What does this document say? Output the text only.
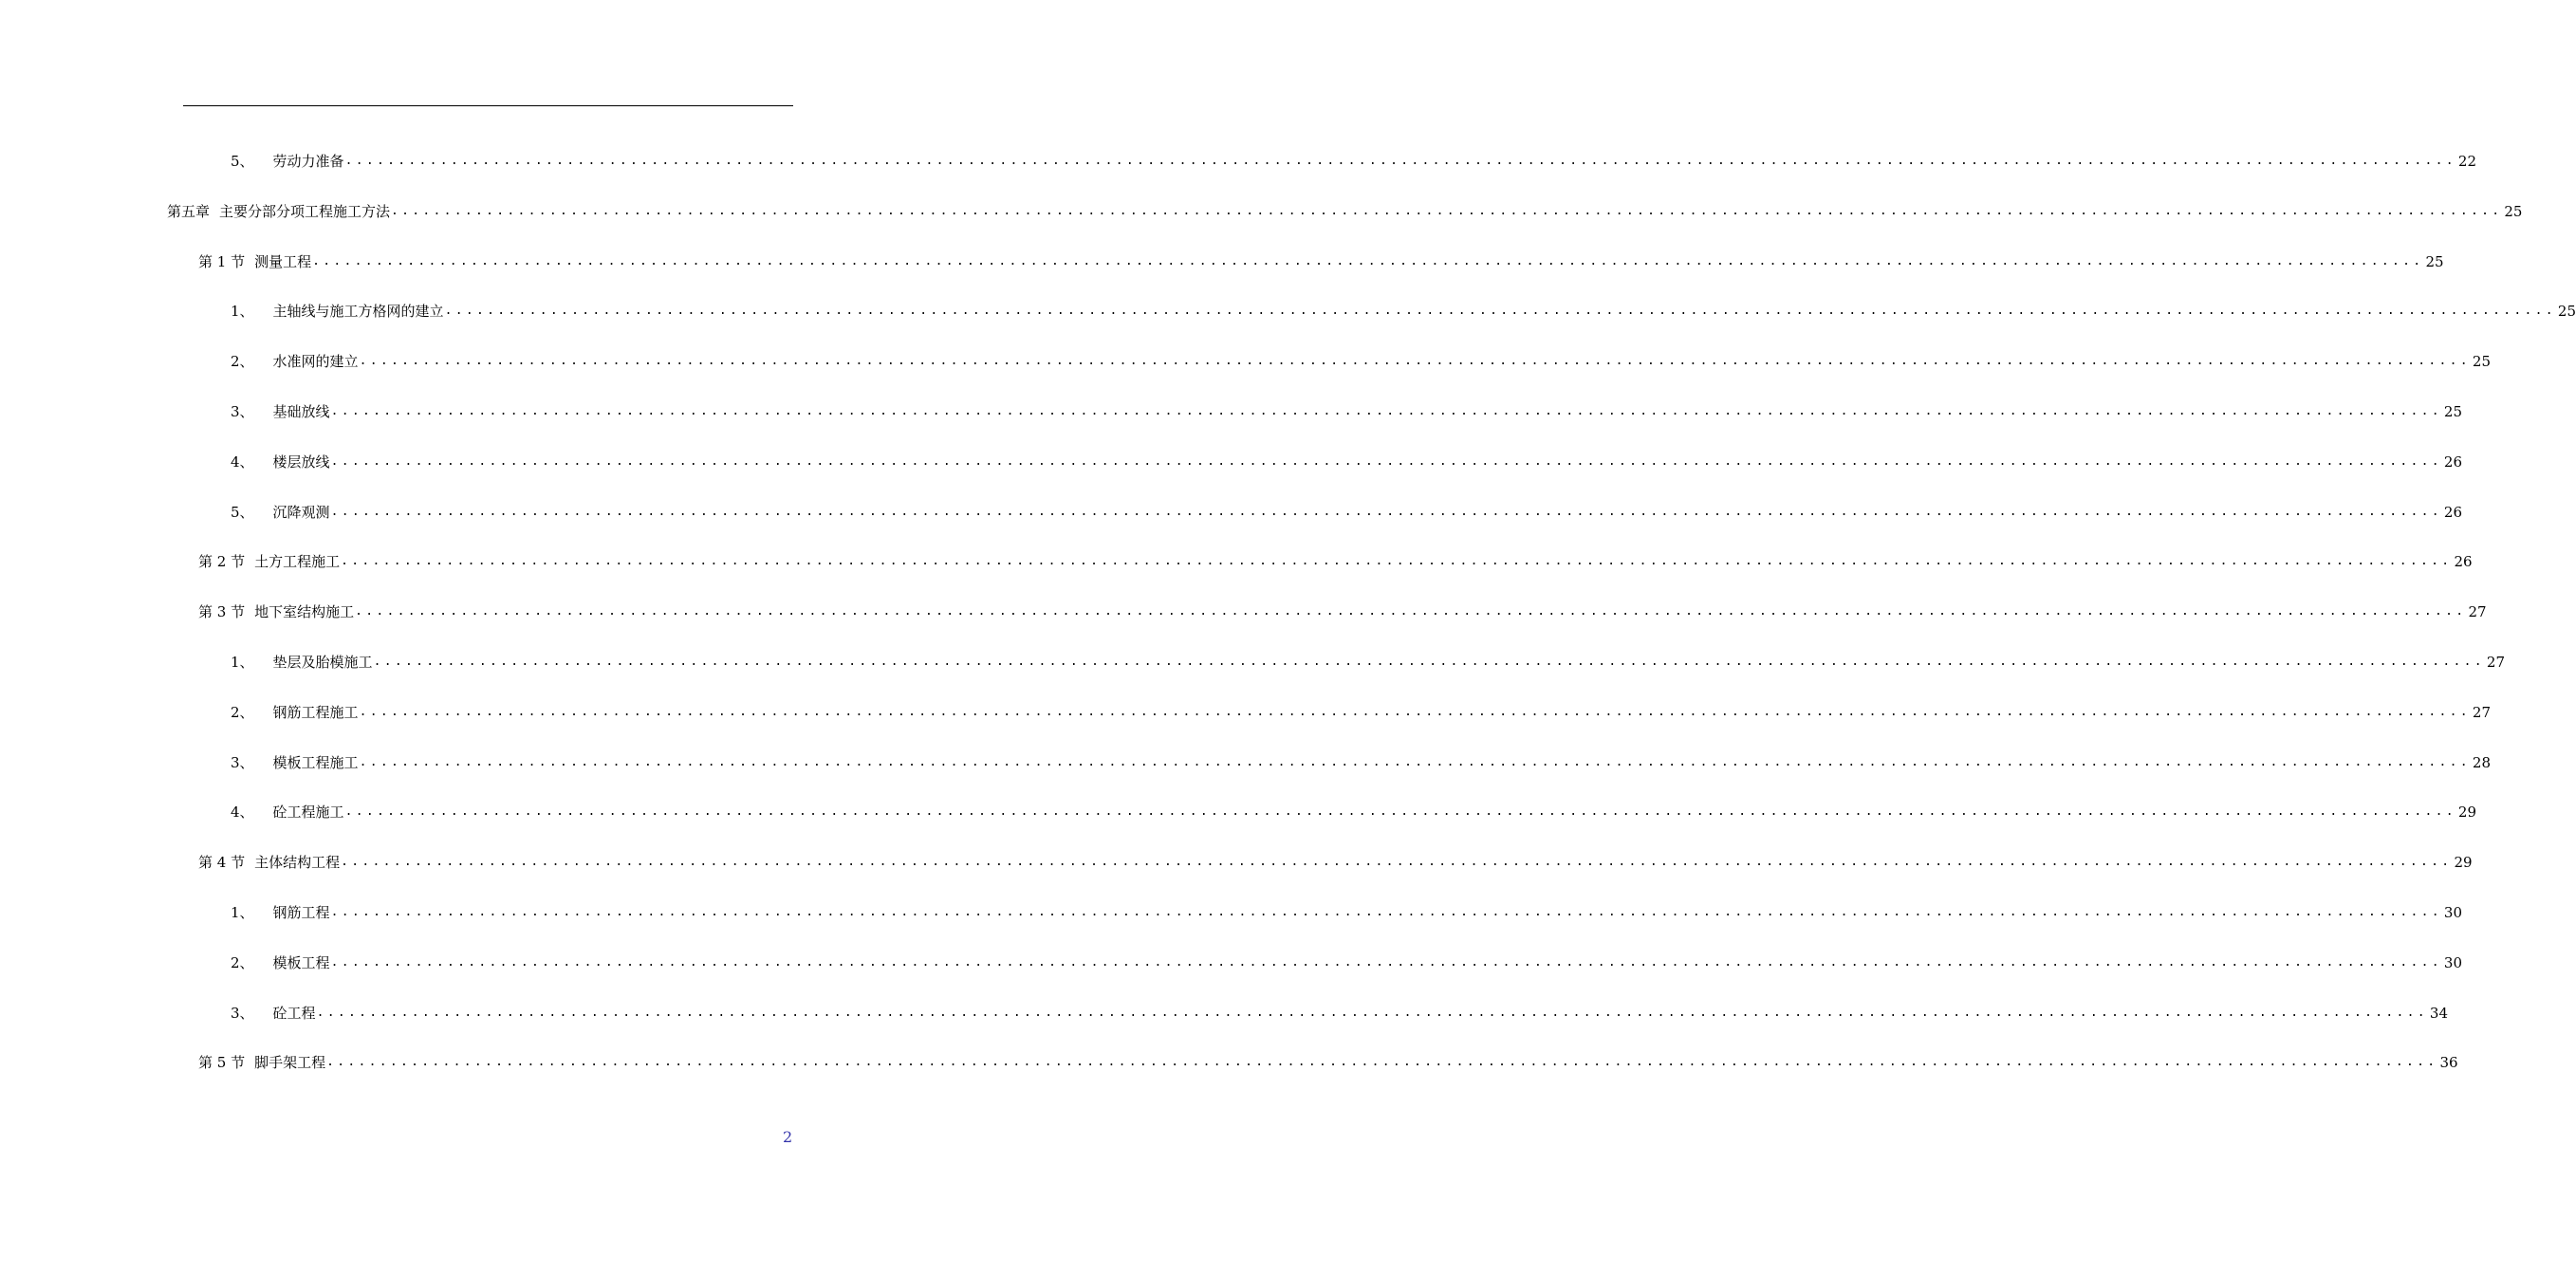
5、 劳动力准备 ........................................................................................................................................................................................................ 22
第五章 主要分部分项工程施工方法 ........................................................................................................................................................................................................ 25
第 1 节 测量工程 ........................................................................................................................................................................................................ 25
1、 主轴线与施工方格网的建立 ........................................................................................................................................................................................................ 25
2、 水准网的建立 ........................................................................................................................................................................................................ 25
3、 基础放线 ........................................................................................................................................................................................................ 25
4、 楼层放线 ........................................................................................................................................................................................................ 26
5、 沉降观测 ........................................................................................................................................................................................................ 26
第 2 节 土方工程施工 ........................................................................................................................................................................................................ 26
第 3 节 地下室结构施工 ........................................................................................................................................................................................................ 27
1、 垫层及胎模施工 ........................................................................................................................................................................................................ 27
2、 钢筋工程施工 ........................................................................................................................................................................................................ 27
3、 模板工程施工 ........................................................................................................................................................................................................ 28
4、 砼工程施工 ........................................................................................................................................................................................................ 29
第 4 节 主体结构工程 ........................................................................................................................................................................................................ 29
1、 钢筋工程 ........................................................................................................................................................................................................ 30
2、 模板工程 ........................................................................................................................................................................................................ 30
3、 砼工程 ........................................................................................................................................................................................................ 34
第 5 节 脚手架工程 ........................................................................................................................................................................................................ 36
2
